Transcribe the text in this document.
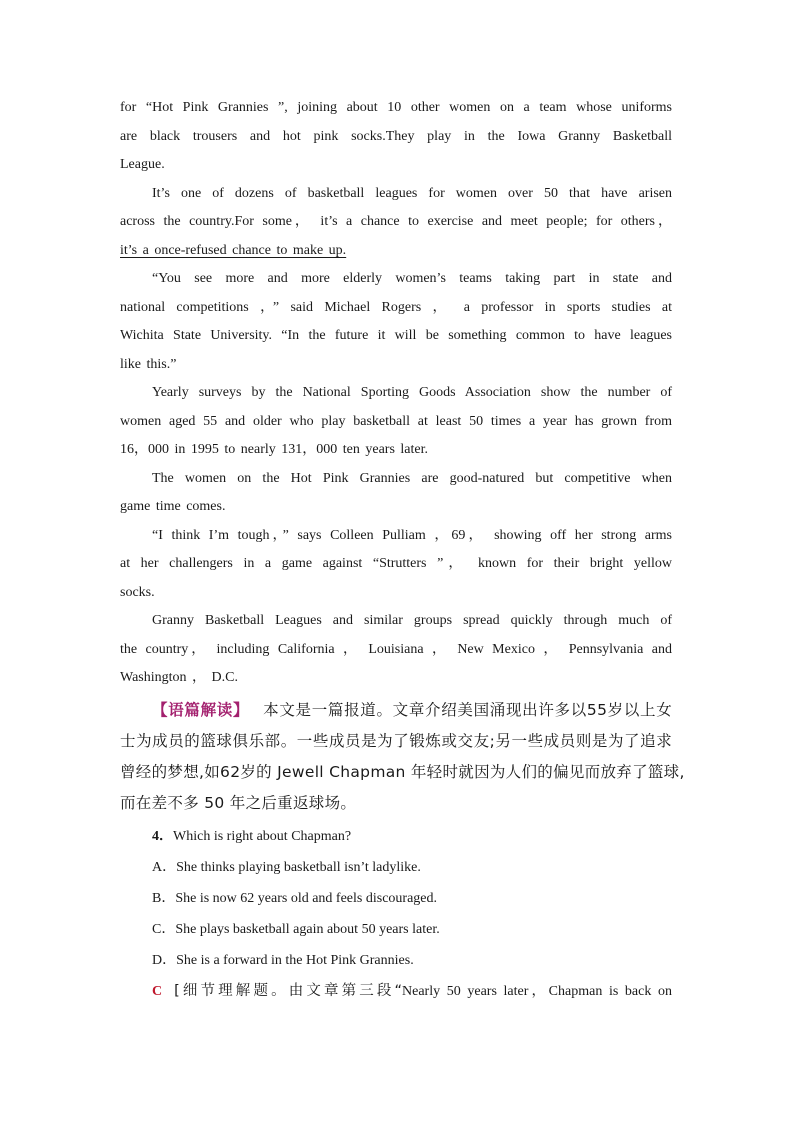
for “Hot Pink Grannies ”, joining about 10 other women on a team whose uniforms
are black trousers and hot pink socks.They play in the Iowa Granny Basketball
League.
It’s one of dozens of basketball leagues for women over 50 that have arisen
across the country.For some， it’s a chance to exercise and meet people; for others，
it’s a once-refused chance to make up.
“You see more and more elderly women’s teams taking part in state and
national competitions ，” said Michael Rogers ， a professor in sports studies at
Wichita State University. “In the future it will be something common to have leagues
like this.”
Yearly surveys by the National Sporting Goods Association show the number of
women aged 55 and older who play basketball at least 50 times a year has grown from
16，000 in 1995 to nearly 131，000 ten years later.
The women on the Hot Pink Grannies are good-natured but competitive when
game time comes.
“I think I’m tough，” says Colleen Pulliam ，69， showing off her strong arms
at her challengers in a game against “Strutters ”， known for their bright yellow
socks.
Granny Basketball Leagues and similar groups spread quickly through much of
the country， including California ， Louisiana ， New Mexico ， Pennsylvania and
Washington ， D.C.
【语篇解读】 本文是一篇报道。文章介绍美国涌现出许多以55岁以上女
士为成员的篮球俱乐部。一些成员是为了锻炼或交友;另一些成员则是为了追求
曾经的梦想,如62岁的 Jewell Chapman 年轻时就因为人们的偏见而放弃了篮球,
而在差不多 50 年之后重返球场。
4．Which is right about Chapman?
A．She thinks playing basketball isn’t ladylike.
B．She is now 62 years old and feels discouraged.
C．She plays basketball again about 50 years later.
D．She is a forward in the Hot Pink Grannies.
C [细节理解题。由文章第三段“Nearly 50 years later，Chapman is back on
